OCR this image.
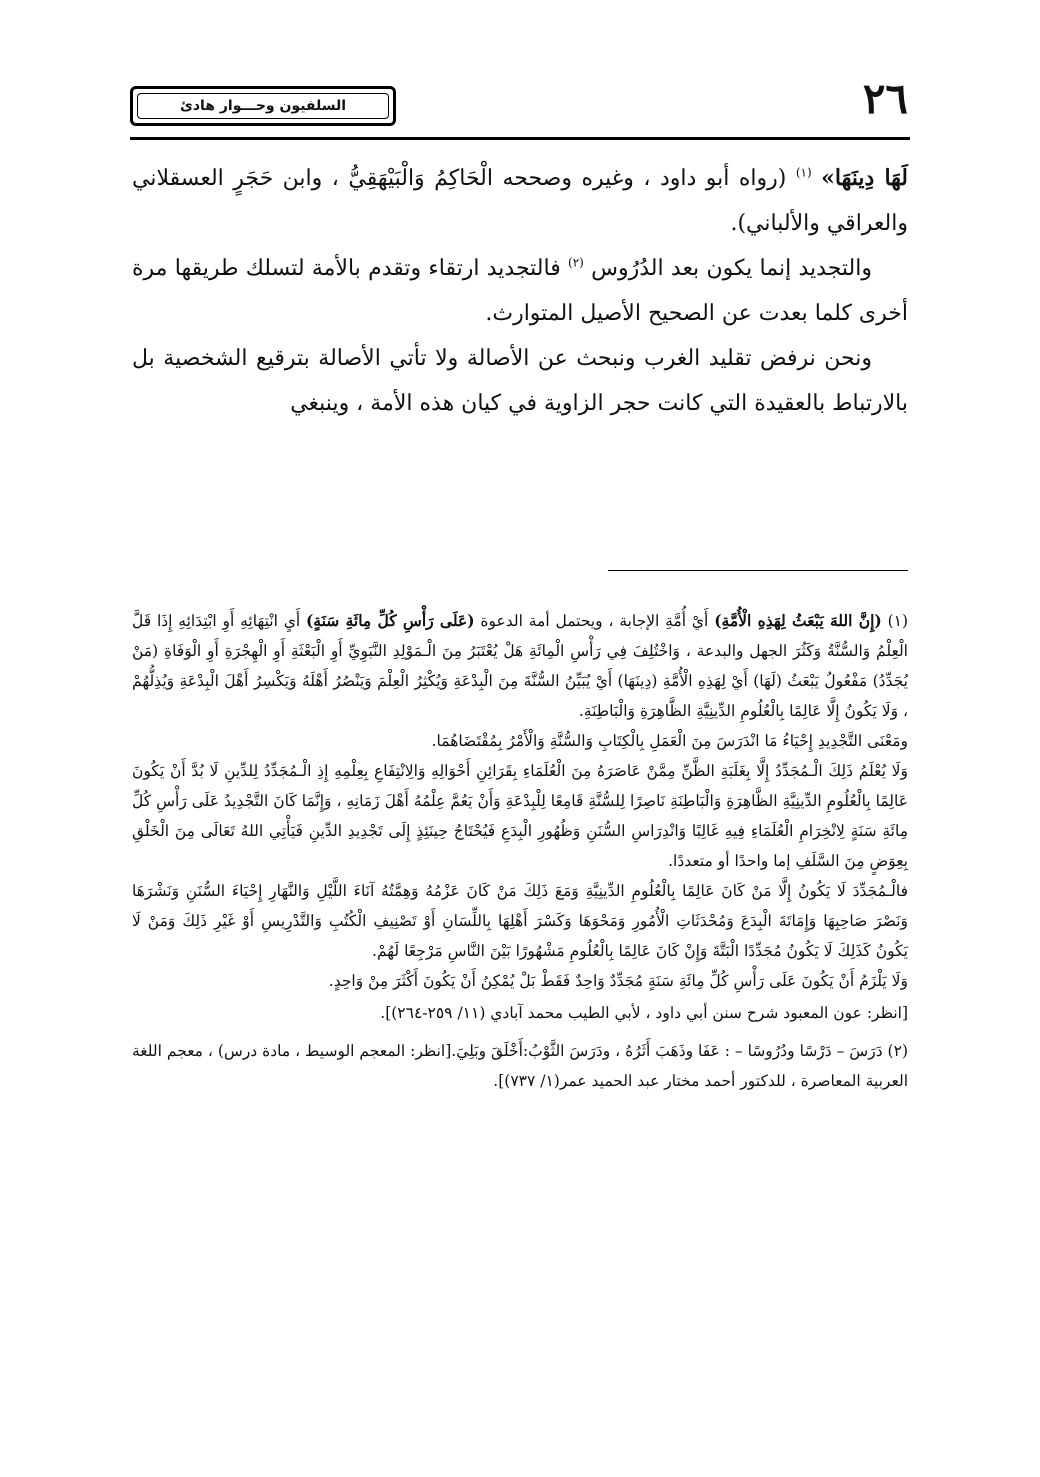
٢٦
السلفيون وحـــوار هادئ

لَهَا دِينَهَا» $^{(١)}$ (رواه أبو داود ، وغيره وصححه الْحَاكِمُ وَالْبَيْهَقِيُّ ، وابن حَجَرٍ العسقلاني والعراقي والألباني).

والتجديد إنما يكون بعد الدُرُوس $^{(٢)}$ فالتجديد ارتقاء وتقدم بالأمة لتسلك طريقها مرة أخرى كلما بعدت عن الصحيح الأصيل المتوارث.

ونحن نرفض تقليد الغرب ونبحث عن الأصالة ولا تأتي الأصالة بترقيع الشخصية بل بالارتباط بالعقيدة التي كانت حجر الزاوية في كيان هذه الأمة ، وينبغي

(١) (إِنَّ اللهَ يَبْعَثُ لِهَذِهِ الْأُمَّةِ) أَيْ أُمَّةِ الإجابة ، ويحتمل أمة الدعوة (عَلَى رَأْسِ كُلِّ مِائَةِ سَنَةٍ) أَيِ انْتِهَائِهِ أَوِ ابْتِدَائِهِ إِذَا قَلَّ الْعِلْمُ وَالسُّنَّةُ وَكَثُرَ الجهل والبدعة ، وَاخْتُلِفَ فِي رَأْسِ الْمِائَةِ هَلْ يُعْتَبَرُ مِنَ الْـمَوْلِدِ النَّبَوِيِّ أَوِ الْبَعْثَةِ أَوِ الْهِجْرَةِ أَوِ الْوَفَاةِ (مَنْ يُجَدِّدُ) مَفْعُولُ يَبْعَثُ (لَهَا) أَيْ لِهَذِهِ الْأُمَّةِ (دِينَهَا) أَيْ يُبَيِّنُ السُّنَّةَ مِنَ الْبِدْعَةِ وَيُكْثِرُ الْعِلْمَ وَيَنْصُرُ أَهْلَهُ وَيَكْسِرُ أَهْلَ الْبِدْعَةِ وَيُذِلُّهُمْ ، وَلَا يَكُونُ إِلَّا عَالِمًا بِالْعُلُومِ الدِّينِيَّةِ الظَّاهِرَةِ وَالْبَاطِنَةِ.

ومَعْنَى التَّجْدِيدِ إِحْيَاءُ مَا انْدَرَسَ مِنَ الْعَمَلِ بِالْكِتَابِ وَالسُّنَّةِ وَالْأَمْرُ بِمُقْتَضَاهُمَا.

وَلَا يُعْلَمُ ذَلِكَ الْـمُجَدِّدُ إِلَّا بِغَلَبَةِ الظَّنِّ مِمَّنْ عَاصَرَهُ مِنَ الْعُلَمَاءِ بِقَرَائِنِ أَحْوَالِهِ وَالِانْتِفَاعِ بِعِلْمِهِ إِذِ الْـمُجَدِّدُ لِلدِّينِ لَا بُدَّ أَنْ يَكُونَ عَالِمًا بِالْعُلُومِ الدِّينِيَّةِ الظَّاهِرَةِ وَالْبَاطِنَةِ نَاصِرًا لِلسُّنَّةِ قَامِعًا لِلْبِدْعَةِ وَأَنْ يَعُمَّ عِلْمُهُ أَهْلَ زَمَانِهِ ، وَإِنَّمَا كَانَ التَّجْدِيدُ عَلَى رَأْسِ كُلِّ مِائَةِ سَنَةٍ لِانْخِرَامِ الْعُلَمَاءِ فِيهِ غَالِبًا وَانْدِرَاسِ السُّنَنِ وَظُهُورِ الْبِدَعِ فَيُحْتَاجُ حِينَئِذٍ إِلَى تَجْدِيدِ الدِّينِ فَيَأْتِي اللهُ تَعَالَى مِنَ الْخَلْقِ بِعِوَضٍ مِنَ السَّلَفِ إما واحدًا أو متعددًا.

فالْـمُجَدِّدَ لَا يَكُونُ إِلَّا مَنْ كَانَ عَالِمًا بِالْعُلُومِ الدِّينِيَّةِ وَمَعَ ذَلِكَ مَنْ كَانَ عَزْمُهُ وَهِمَّتُهُ آنَاءَ اللَّيْلِ وَالنَّهَارِ إِحْيَاءَ السُّنَنِ وَنَشْرَهَا وَنَصْرَ صَاحِبِهَا وَإِمَاتَةَ الْبِدَعَ وَمُحْدَثَاتِ الْأُمُورِ وَمَحْوَهَا وَكَسْرَ أَهْلِهَا بِاللِّسَانِ أَوْ تَصْنِيفِ الْكُتُبِ وَالتَّدْرِيسِ أَوْ غَيْرِ ذَلِكَ وَمَنْ لَا يَكُونُ كَذَلِكَ لَا يَكُونُ مُجَدِّدًا الْبَتَّةَ وَإِنْ كَانَ عَالِمًا بِالْعُلُومِ مَشْهُورًا بَيْنَ النَّاسِ مَرْجِعًا لَهُمْ.

وَلَا يَلْزَمُ أَنْ يَكُونَ عَلَى رَأْسِ كُلِّ مِائَةِ سَنَةٍ مُجَدِّدٌ وَاحِدٌ فَقَطْ بَلْ يُمْكِنُ أَنْ يَكُونَ أَكْثَرَ مِنْ وَاحِدٍ.

[انظر: عون المعبود شرح سنن أبي داود ، لأبي الطيب محمد آبادي (١١/ ٢٥٩-٢٦٤)].

(٢) دَرَسَ – دَرْسًا ودُرُوسًا – : عَفَا وذَهَبَ أَثَرُهُ ، ودَرَسَ الثَّوْبُ:أَخْلَقَ وبَلِيَ.[انظر: المعجم الوسيط ، مادة درس) ، معجم اللغة العربية المعاصرة ، للدكتور أحمد مختار عبد الحميد عمر(١/ ٧٣٧)].
